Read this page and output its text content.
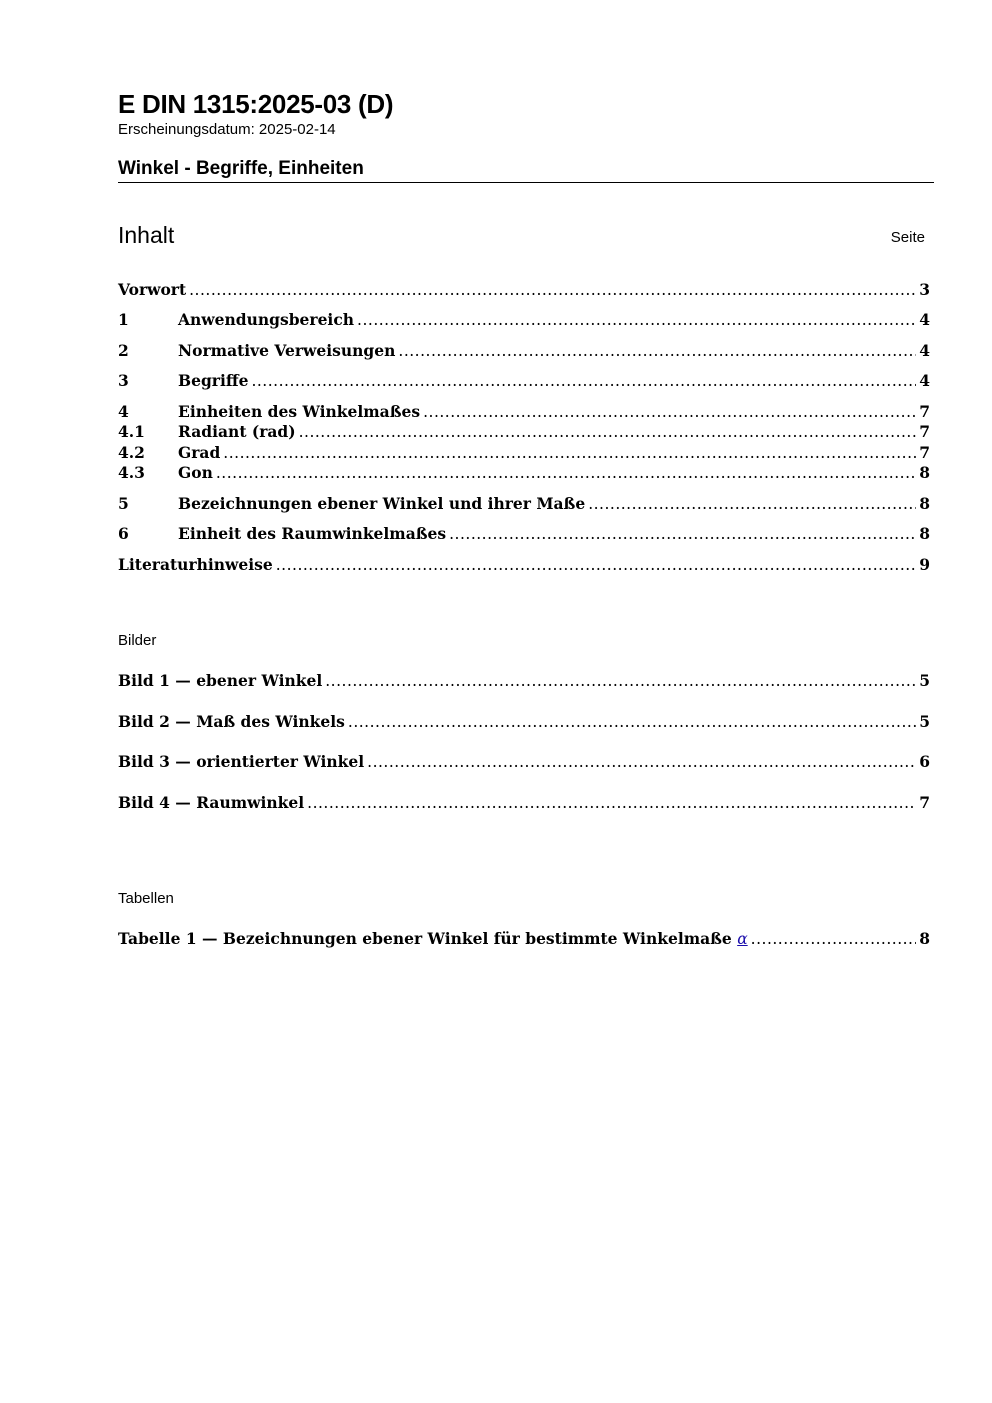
E DIN 1315:2025-03 (D)
Erscheinungsdatum: 2025-02-14
Winkel - Begriffe, Einheiten
Inhalt	Seite
Vorwort .....	3
1	Anwendungsbereich .....	4
2	Normative Verweisungen .....	4
3	Begriffe .....	4
4	Einheiten des Winkelmaßes .....	7
4.1	Radiant (rad) .....	7
4.2	Grad .....	7
4.3	Gon .....	8
5	Bezeichnungen ebener Winkel und ihrer Maße .....	8
6	Einheit des Raumwinkelmaßes .....	8
Literaturhinweise .....	9
Bilder
Bild 1 — ebener Winkel .....	5
Bild 2 — Maß des Winkels .....	5
Bild 3 — orientierter Winkel .....	6
Bild 4 — Raumwinkel .....	7
Tabellen
Tabelle 1 — Bezeichnungen ebener Winkel für bestimmte Winkelmaße α .....	8
